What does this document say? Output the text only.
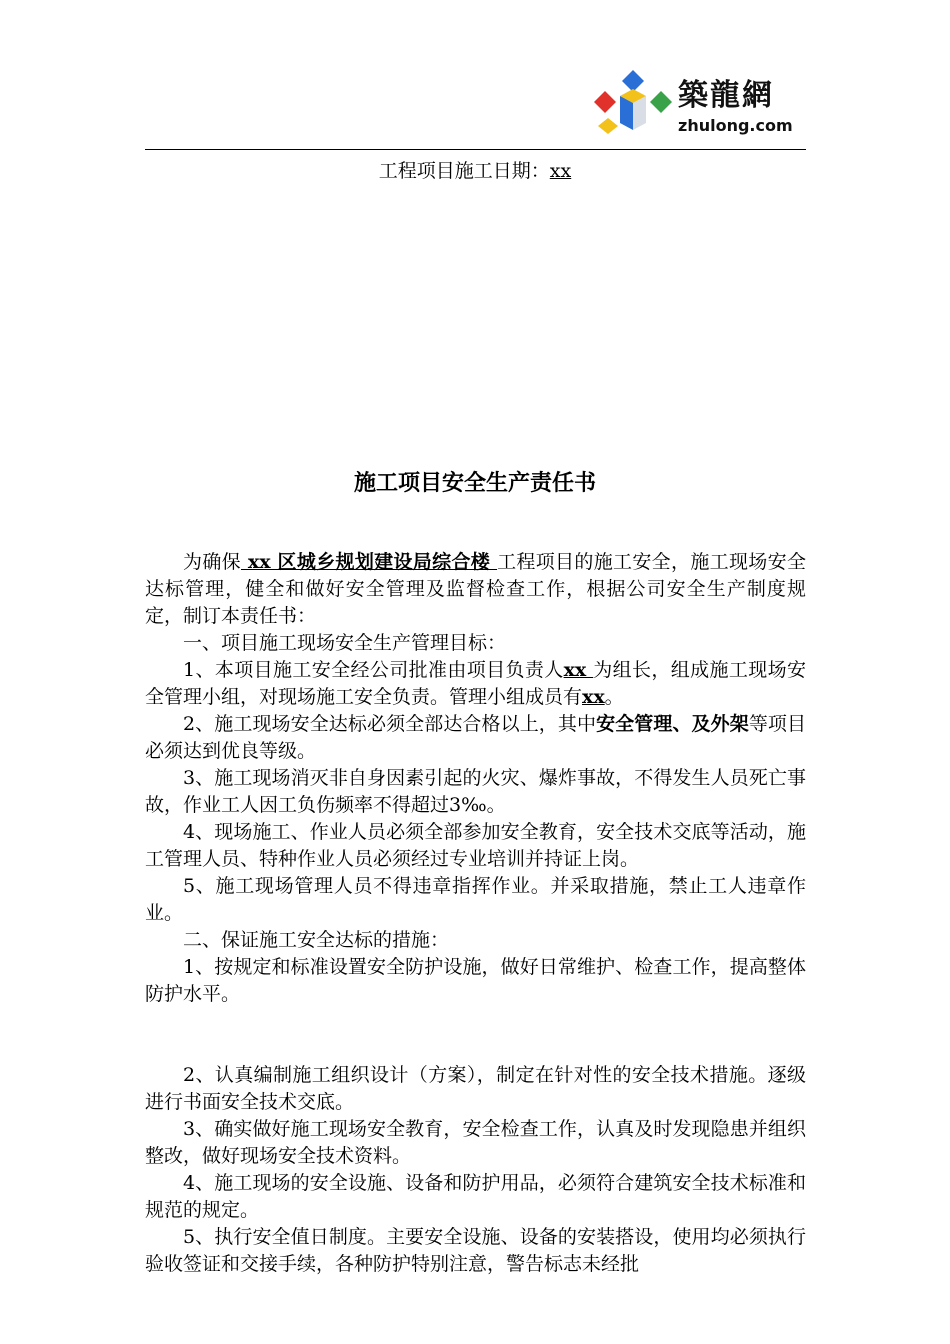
築龍網
zhulong.com
工程项目施工日期：xx
施工项目安全生产责任书

为确保 xx 区城乡规划建设局综合楼 工程项目的施工安全，施工现场安全达标管理，健全和做好安全管理及监督检查工作，根据公司安全生产制度规定，制订本责任书：

一、项目施工现场安全生产管理目标：

1、本项目施工安全经公司批准由项目负责人xx 为组长，组成施工现场安全管理小组，对现场施工安全负责。管理小组成员有xx。

2、施工现场安全达标必须全部达合格以上，其中安全管理、及外架等项目必须达到优良等级。

3、施工现场消灭非自身因素引起的火灾、爆炸事故，不得发生人员死亡事故，作业工人因工负伤频率不得超过3‰。

4、现场施工、作业人员必须全部参加安全教育，安全技术交底等活动，施工管理人员、特种作业人员必须经过专业培训并持证上岗。

5、施工现场管理人员不得违章指挥作业。并采取措施，禁止工人违章作业。

二、保证施工安全达标的措施：

1、按规定和标准设置安全防护设施，做好日常维护、检查工作，提高整体防护水平。

2、认真编制施工组织设计（方案），制定在针对性的安全技术措施。逐级进行书面安全技术交底。

3、确实做好施工现场安全教育，安全检查工作，认真及时发现隐患并组织整改，做好现场安全技术资料。

4、施工现场的安全设施、设备和防护用品，必须符合建筑安全技术标准和规范的规定。

5、执行安全值日制度。主要安全设施、设备的安装搭设，使用均必须执行验收签证和交接手续，各种防护特别注意，警告标志未经批
